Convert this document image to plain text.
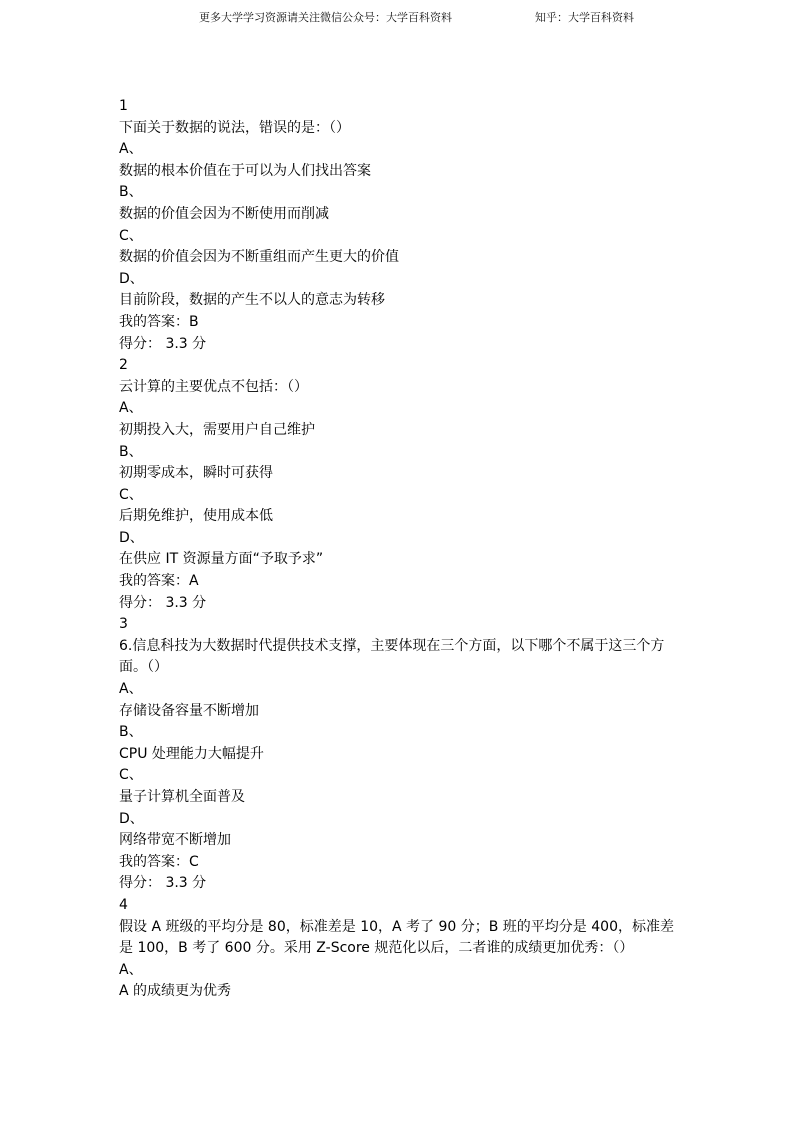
更多大学学习资源请关注微信公众号：大学百科资料	知乎：大学百科资料
1
下面关于数据的说法，错误的是：（）
A、
数据的根本价值在于可以为人们找出答案
B、
数据的价值会因为不断使用而削减
C、
数据的价值会因为不断重组而产生更大的价值
D、
目前阶段，数据的产生不以人的意志为转移
我的答案：B
得分： 3.3 分
2
云计算的主要优点不包括：（）
A、
初期投入大，需要用户自己维护
B、
初期零成本，瞬时可获得
C、
后期免维护，使用成本低
D、
在供应 IT 资源量方面“予取予求”
我的答案：A
得分： 3.3 分
3
6.信息科技为大数据时代提供技术支撑，主要体现在三个方面，以下哪个不属于这三个方面。（）
A、
存储设备容量不断增加
B、
CPU 处理能力大幅提升
C、
量子计算机全面普及
D、
网络带宽不断增加
我的答案：C
得分： 3.3 分
4
假设 A 班级的平均分是 80，标准差是 10，A 考了 90 分；B 班的平均分是 400，标准差是 100，B 考了 600 分。采用 Z-Score 规范化以后，二者谁的成绩更加优秀：（）
A、
A 的成绩更为优秀
